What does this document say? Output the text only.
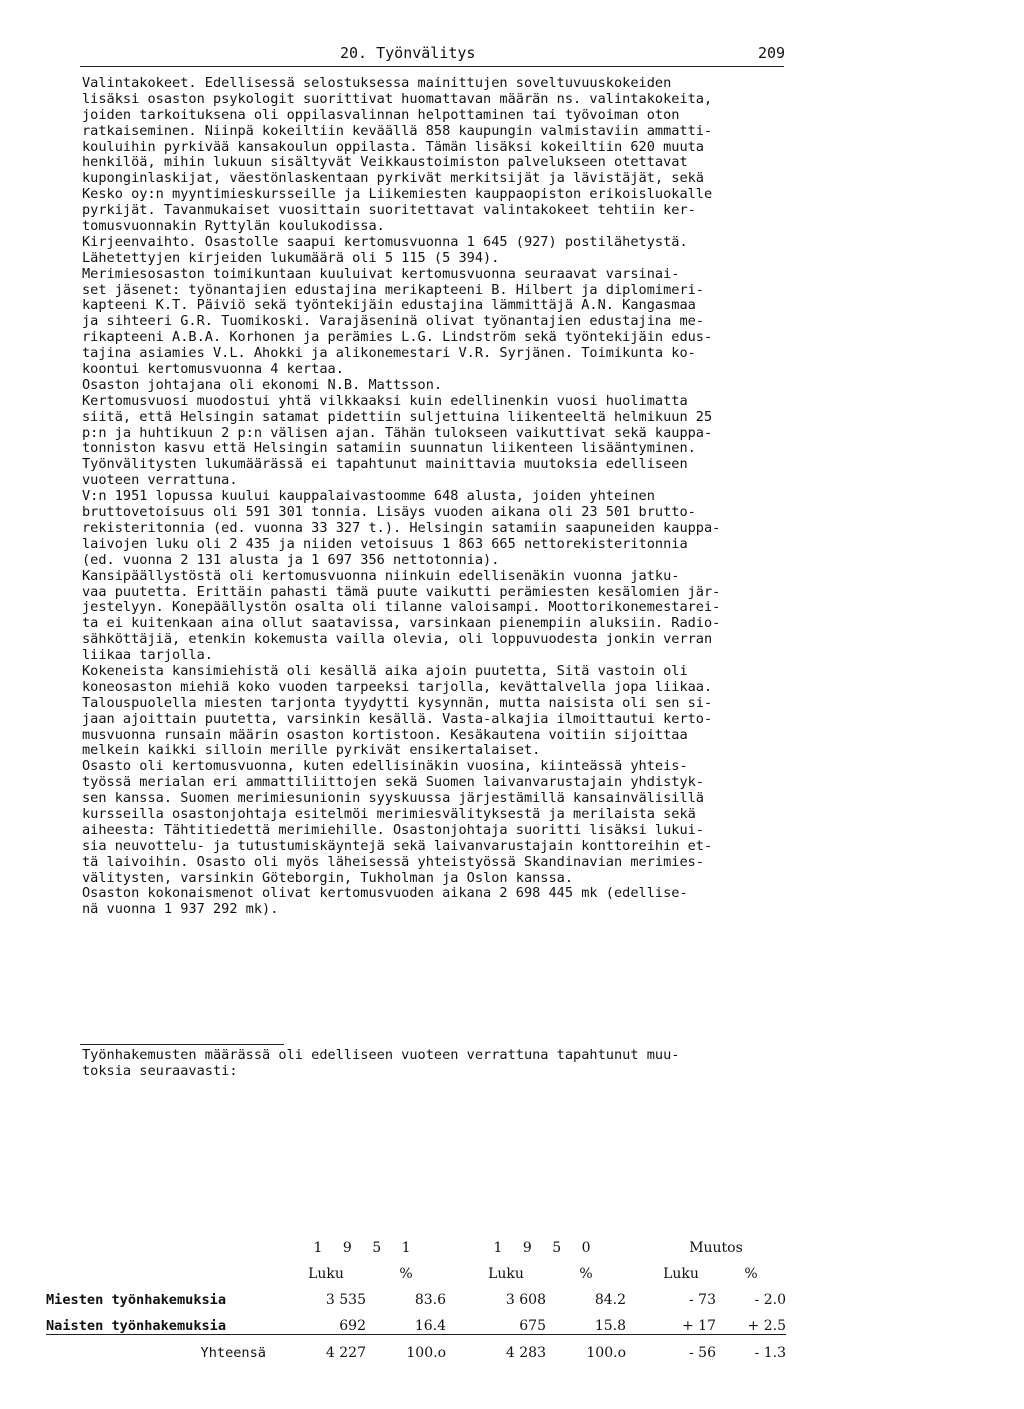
20. Työnvälitys	209
Valintakokeet. Edellisessä selostuksessa mainittujen soveltuvuuskokeiden
lisäksi osaston psykologit suorittivat huomattavan määrän ns. valintakokeita,
joiden tarkoituksena oli oppilasvalinnan helpottaminen tai työvoiman oton
ratkaiseminen. Niinpä kokeiltiin keväällä 858 kaupungin valmistaviin ammatti-
kouluihin pyrkivää kansakoulun oppilasta. Tämän lisäksi kokeiltiin 620 muuta
henkilöä, mihin lukuun sisältyvät Veikkaustoimiston palvelukseen otettavat
kuponginlaskijat, väestönlaskentaan pyrkivät merkitsijät ja lävistäjät, sekä
Kesko oy:n myyntimieskursseille ja Liikemiesten kauppaopiston erikoisluokalle
pyrkijät. Tavanmukaiset vuosittain suoritettavat valintakokeet tehtiin ker-
tomusvuonnakin Ryttylän koulukodissa.
Kirjeenvaihto. Osastolle saapui kertomusvuonna 1 645 (927) postilähetystä.
Lähetettyjen kirjeiden lukumäärä oli 5 115 (5 394).
Merimiesosaston toimikuntaan kuuluivat kertomusvuonna seuraavat varsinai-
set jäsenet: työnantajien edustajina merikapteeni B. Hilbert ja diplomimeri-
kapteeni K.T. Päiviö sekä työntekijäin edustajina lämmittäjä A.N. Kangasmaa
ja sihteeri G.R. Tuomikoski. Varajäseninä olivat työnantajien edustajina me-
rikapteeni A.B.A. Korhonen ja perämies L.G. Lindström sekä työntekijäin edus-
tajina asiamies V.L. Ahokki ja alikonemestari V.R. Syrjänen. Toimikunta ko-
koontui kertomusvuonna 4 kertaa.
Osaston johtajana oli ekonomi N.B. Mattsson.
Kertomusvuosi muodostui yhtä vilkkaaksi kuin edellinenkin vuosi huolimatta
siitä, että Helsingin satamat pidettiin suljettuina liikenteeltä helmikuun 25
p:n ja huhtikuun 2 p:n välisen ajan. Tähän tulokseen vaikuttivat sekä kauppa-
tonniston kasvu että Helsingin satamiin suunnatun liikenteen lisääntyminen.
Työnvälitysten lukumäärässä ei tapahtunut mainittavia muutoksia edelliseen
vuoteen verrattuna.
V:n 1951 lopussa kuului kauppalaivastoomme 648 alusta, joiden yhteinen
bruttovetoisuus oli 591 301 tonnia. Lisäys vuoden aikana oli 23 501 brutto-
rekisteritonnia (ed. vuonna 33 327 t.). Helsingin satamiin saapuneiden kauppa-
laivojen luku oli 2 435 ja niiden vetoisuus 1 863 665 nettorekisteritonnia
(ed. vuonna 2 131 alusta ja 1 697 356 nettotonnia).
Kansipäällystöstä oli kertomusvuonna niinkuin edellisenäkin vuonna jatku-
vaa puutetta. Erittäin pahasti tämä puute vaikutti perämiesten kesälomien jär-
jestelyyn. Konepäällystön osalta oli tilanne valoisampi. Moottorikonemestarei-
ta ei kuitenkaan aina ollut saatavissa, varsinkaan pienempiin aluksiin. Radio-
sähköttäjiä, etenkin kokemusta vailla olevia, oli loppuvuodesta jonkin verran
liikaa tarjolla.
Kokeneista kansimiehistä oli kesällä aika ajoin puutetta, Sitä vastoin oli
koneosaston miehiä koko vuoden tarpeeksi tarjolla, kevättalvella jopa liikaa.
Talouspuolella miesten tarjonta tyydytti kysynnän, mutta naisista oli sen si-
jaan ajoittain puutetta, varsinkin kesällä. Vasta-alkajia ilmoittautui kerto-
musvuonna runsain määrin osaston kortistoon. Kesäkautena voitiin sijoittaa
melkein kaikki silloin merille pyrkivät ensikertalaiset.
Osasto oli kertomusvuonna, kuten edellisinäkin vuosina, kiinteässä yhteis-
työssä merialan eri ammattiliittojen sekä Suomen laivanvarustajain yhdistyk-
sen kanssa. Suomen merimiesunionin syyskuussa järjestämillä kansainvälisillä
kursseilla osastonjohtaja esitelmöi merimiesvälityksestä ja merilaista sekä
aiheesta: Tähtitiedettä merimiehille. Osastonjohtaja suoritti lisäksi lukui-
sia neuvottelu- ja tutustumiskäyntejä sekä laivanvarustajain konttoreihin et-
tä laivoihin. Osasto oli myös läheisessä yhteistyössä Skandinavian merimies-
välitysten, varsinkin Göteborgin, Tukholman ja Oslon kanssa.
Osaston kokonaismenot olivat kertomusvuoden aikana 2 698 445 mk (edellise-
nä vuonna 1 937 292 mk).
Työnhakemusten määrässä oli edelliseen vuoteen verrattuna tapahtunut muu-
toksia seuraavasti:
	1 9 5 1			1 9 5 0			Muutos	
	Luku	%		Luku	%		Luku	%
Miesten työnhakemuksia	3 535	83.6		3 608	84.2		- 73	- 2.0
Naisten työnhakemuksia	692	16.4		675	15.8		+ 17	+ 2.5
Yhteensä	4 227	100.o		4 283	100.o		- 56	- 1.3
